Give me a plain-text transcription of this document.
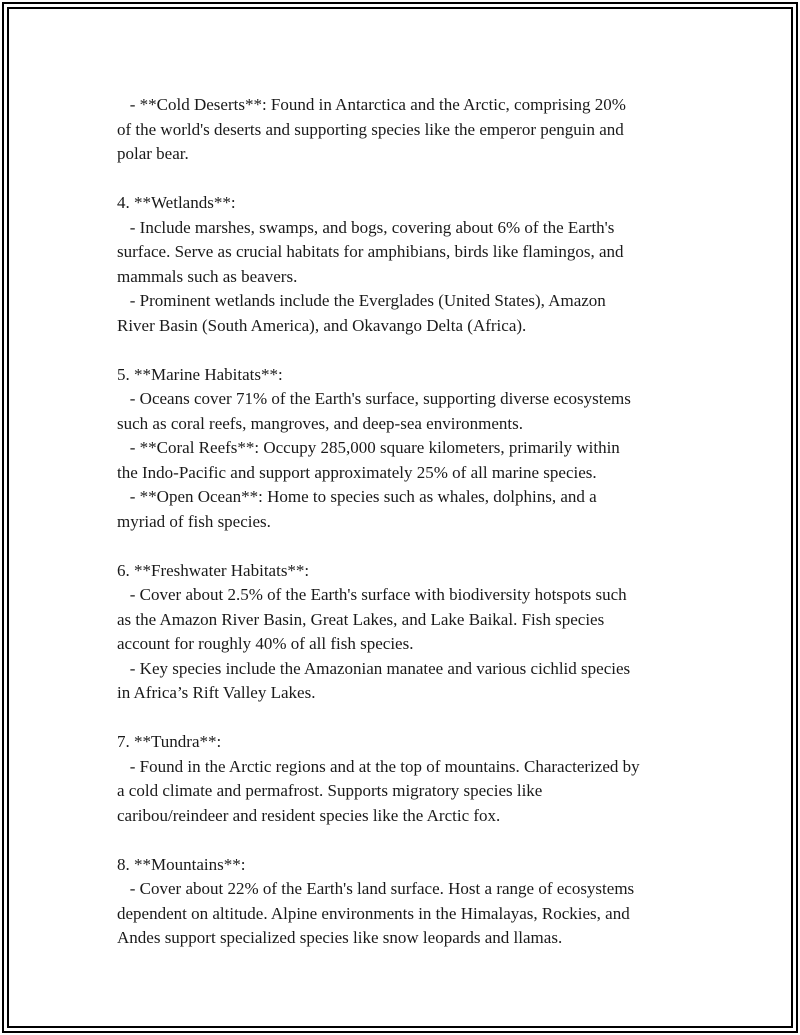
- **Cold Deserts**: Found in Antarctica and the Arctic, comprising 20%
of the world's deserts and supporting species like the emperor penguin and
polar bear.
4. **Wetlands**:
- Include marshes, swamps, and bogs, covering about 6% of the Earth's
surface. Serve as crucial habitats for amphibians, birds like flamingos, and
mammals such as beavers.
- Prominent wetlands include the Everglades (United States), Amazon
River Basin (South America), and Okavango Delta (Africa).
5. **Marine Habitats**:
- Oceans cover 71% of the Earth's surface, supporting diverse ecosystems
such as coral reefs, mangroves, and deep-sea environments.
- **Coral Reefs**: Occupy 285,000 square kilometers, primarily within
the Indo-Pacific and support approximately 25% of all marine species.
- **Open Ocean**: Home to species such as whales, dolphins, and a
myriad of fish species.
6. **Freshwater Habitats**:
- Cover about 2.5% of the Earth's surface with biodiversity hotspots such
as the Amazon River Basin, Great Lakes, and Lake Baikal. Fish species
account for roughly 40% of all fish species.
- Key species include the Amazonian manatee and various cichlid species
in Africa’s Rift Valley Lakes.
7. **Tundra**:
- Found in the Arctic regions and at the top of mountains. Characterized by
a cold climate and permafrost. Supports migratory species like
caribou/reindeer and resident species like the Arctic fox.
8. **Mountains**:
- Cover about 22% of the Earth's land surface. Host a range of ecosystems
dependent on altitude. Alpine environments in the Himalayas, Rockies, and
Andes support specialized species like snow leopards and llamas.
